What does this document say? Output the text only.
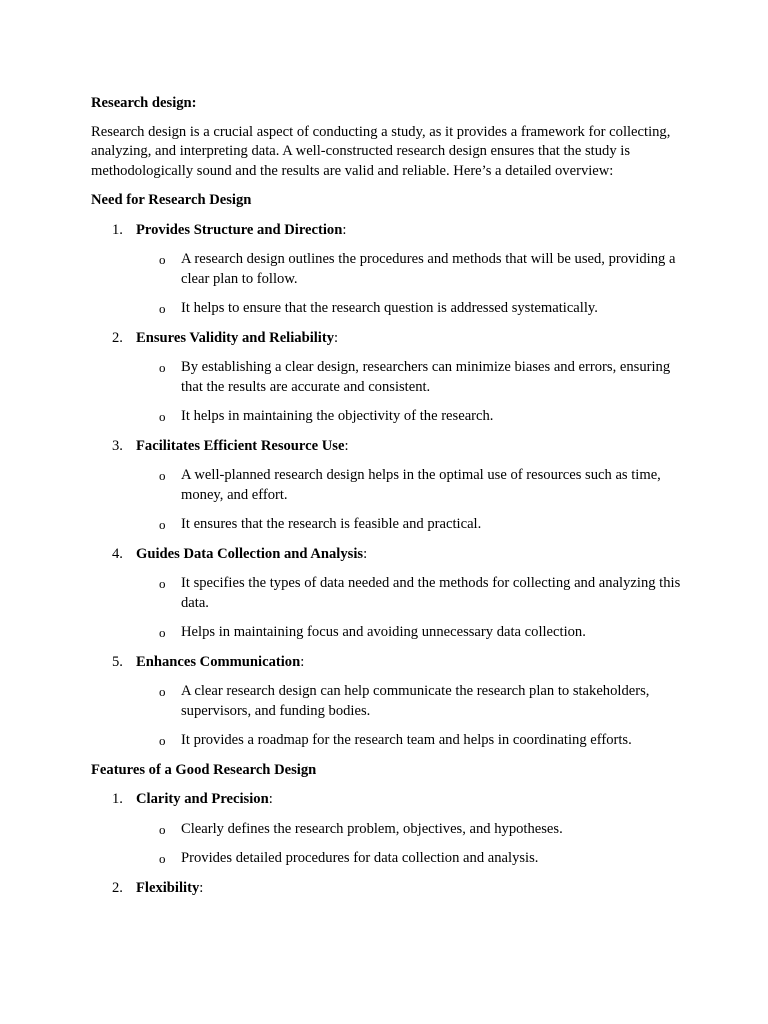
Research design:

Research design is a crucial aspect of conducting a study, as it provides a framework for collecting, analyzing, and interpreting data. A well-constructed research design ensures that the study is methodologically sound and the results are valid and reliable. Here’s a detailed overview:

Need for Research Design

1. Provides Structure and Direction:
o A research design outlines the procedures and methods that will be used, providing a clear plan to follow.
o It helps to ensure that the research question is addressed systematically.
2. Ensures Validity and Reliability:
o By establishing a clear design, researchers can minimize biases and errors, ensuring that the results are accurate and consistent.
o It helps in maintaining the objectivity of the research.
3. Facilitates Efficient Resource Use:
o A well-planned research design helps in the optimal use of resources such as time, money, and effort.
o It ensures that the research is feasible and practical.
4. Guides Data Collection and Analysis:
o It specifies the types of data needed and the methods for collecting and analyzing this data.
o Helps in maintaining focus and avoiding unnecessary data collection.
5. Enhances Communication:
o A clear research design can help communicate the research plan to stakeholders, supervisors, and funding bodies.
o It provides a roadmap for the research team and helps in coordinating efforts.

Features of a Good Research Design

1. Clarity and Precision:
o Clearly defines the research problem, objectives, and hypotheses.
o Provides detailed procedures for data collection and analysis.
2. Flexibility:
